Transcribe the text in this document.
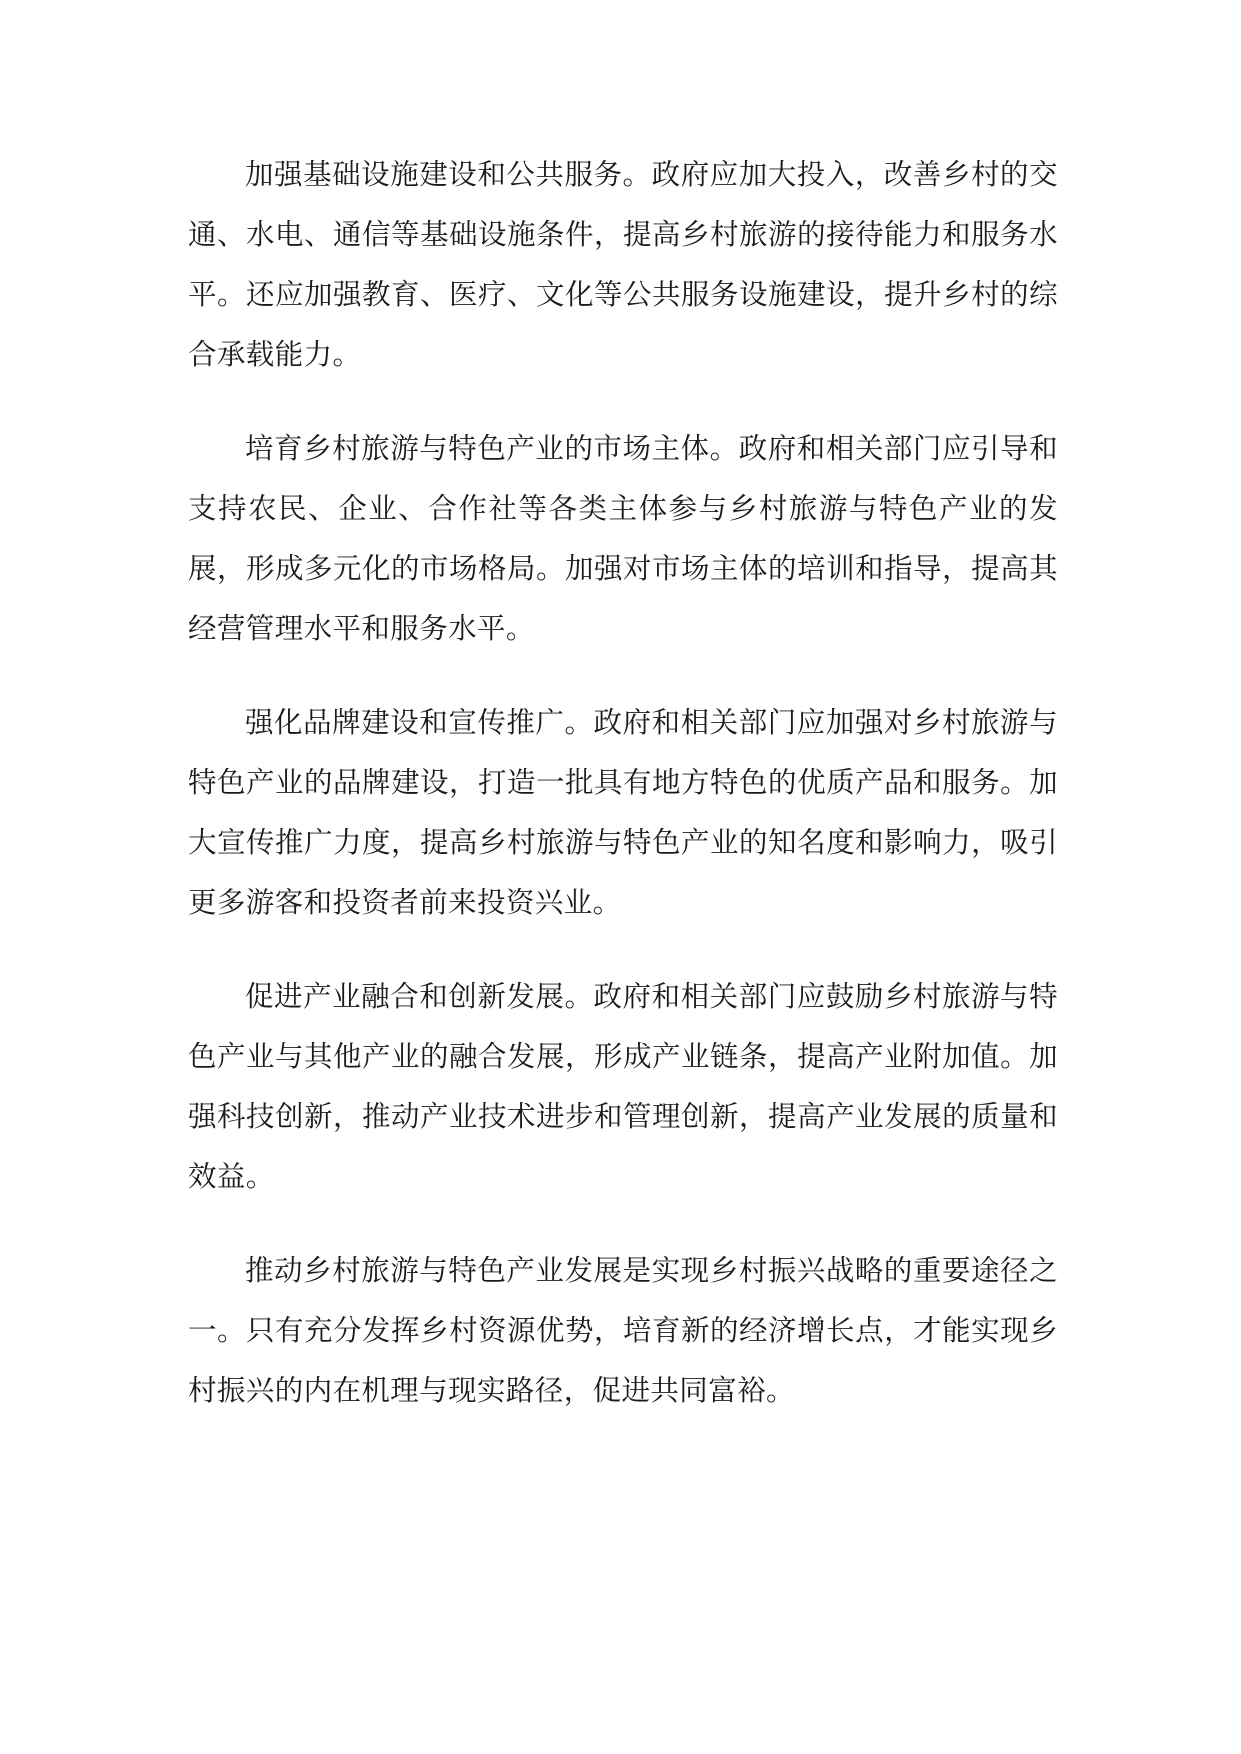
加强基础设施建设和公共服务。政府应加大投入，改善乡村的交通、水电、通信等基础设施条件，提高乡村旅游的接待能力和服务水平。还应加强教育、医疗、文化等公共服务设施建设，提升乡村的综合承载能力。

培育乡村旅游与特色产业的市场主体。政府和相关部门应引导和支持农民、企业、合作社等各类主体参与乡村旅游与特色产业的发展，形成多元化的市场格局。加强对市场主体的培训和指导，提高其经营管理水平和服务水平。

强化品牌建设和宣传推广。政府和相关部门应加强对乡村旅游与特色产业的品牌建设，打造一批具有地方特色的优质产品和服务。加大宣传推广力度，提高乡村旅游与特色产业的知名度和影响力，吸引更多游客和投资者前来投资兴业。

促进产业融合和创新发展。政府和相关部门应鼓励乡村旅游与特色产业与其他产业的融合发展，形成产业链条，提高产业附加值。加强科技创新，推动产业技术进步和管理创新，提高产业发展的质量和效益。

推动乡村旅游与特色产业发展是实现乡村振兴战略的重要途径之一。只有充分发挥乡村资源优势，培育新的经济增长点，才能实现乡村振兴的内在机理与现实路径，促进共同富裕。
